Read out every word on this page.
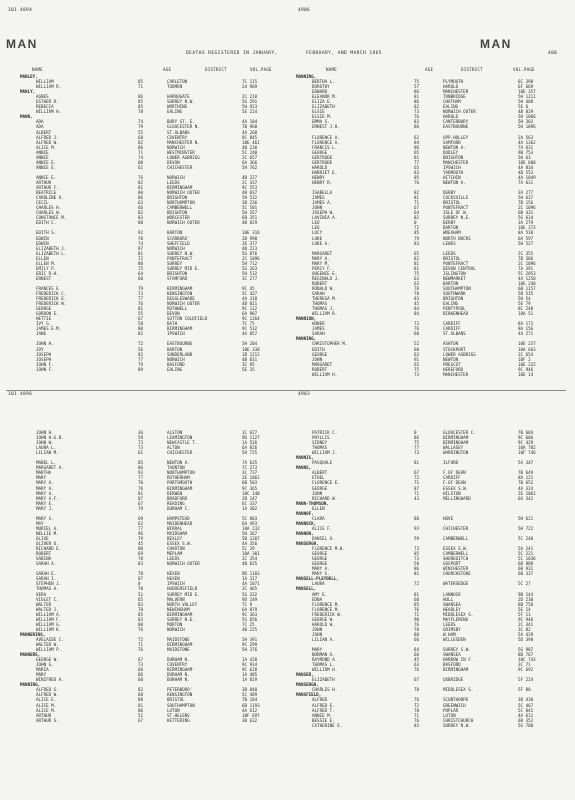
101 4894	4906
MAN	MAN
400
DEATHS REGISTERED IN JANUARY,	FEBRUARY, AND MARCH 1965
NAME	AGE	DISTRICT	VOL.PAGE	NAME	AGE	DISTRICT	VOL.PAGE
101 4896	4903
MANLEY,
WILLIAM	85	CARLETON	7C 115
WILLIAM R.	71	TODMEN	2d 969
MANLY,
AGNES	86	HARROGATE	2C 218
ESTHER R.	85	SURREY N.W.	5G 291
REBECCA	85	WORTHING	5H 923
WILLIAM H.	78	EALING	5E 224
MANN,
ADA	74	BURY ST. E.	4A 104
ADA	79	GLOUCESTER N.	7B 968
ALBERT	55	ST.ALBANS	4A 268
ALFRED J.	68	COVENTRY	9C 845
ALFRED W.	82	MANCHESTER N.	10E 461
ALICE M.	86	NORWICH	4B 230
ANNIE	71	WESTMINSTER	5C 240
ANNIE	74	LOWER AGBRIGG	2C 657
ANNIE E.	88	DEVON	6A 366
ANNIE E.	61	CHICHESTER	5H 762
ANNIE E.	76	NORWICH	4B 227
ARTHUR	82	LEEDS	2C 437
ARTHUR F.	81	BIRMINGHAM	9C 553
BEATRICE	80	NORWICH OUTER	4B 837
CAROLINE A.	86	BRIGHTON	5H 532
CECIL	63	NORTHAMPTON	3B 236
CHARLES H.	66	CAMBERWELL	5C 501
CHARLES W.	82	BRIGHTON	5H 357
CONSTANCE M.	83	WORCESTER	6B 351
EDITH C.	80	NORWICH OUTER	4B 829
EDITH S.	92	BARTON	10E 316
EDWIN	78	SCARBORO'	2B 990
EDWIN	74	SHEFFIELD	2E 377
ELIZABETH J.	87	NORWICH	4B 223
ELIZABETH L.	81	SURREY N.W.	5G 876
ELLEN	72	PONTEFRACT	2C 1096
ELLEN M.	80	SURREY	5H 712
EMILY P.	75	SURREY MID E.	5G 263
ERIC R.H.	64	BRIGHTON	5H 532
ERNEST	68	STAMFORD	3C 277
FRANCES E.	79	BIRMINGHAM	9C 45
FREDERICK C.	73	KENSINGTON	5C 427
FREDERICK E.	77	DEGGLESWADE	4A 310
FREDERICK W.	76	NORWICH OUTER	4B 821
GEORGE	81	ROTHWELL	9C 112
GORDON E.	55	DEVON	6A 907
HETTIE	67	SUTTON COLDFIELD	9C 1264
IVY G.	58	BATH	7C 75
JAMES E.M.	80	BIRMINGHAM	9C 532
JANE	82	IPSWICH	4A 857
JOHN H.	72	EASTBOURNE	5H 204
JOY	56	BARTON	10E 330
JOSEPH	82	SUNDERLAND	1B 1212
JOSEPH	77	NORWICH	4B 831
JOHN F.	79	BASFORD	3C 95
JOHN F.	89	EALING	5E 35
MANNING,
BERTHA L.	75	PLYMOUTH	6C 398
DOROTHY	57	HAROLD	6F 669
EDWARD	86	MANCHESTER	10E 357
ELEANOR M.	81	TONBRIDGE	5H 1211
ELIZA E.	86	CHATHAM	5H 408
ELIZABETH	82	EALING	5E 6
ELSIE	73	NORWICH OUTER	4B 829
ELSIE M.	76	HAROLD	5H 1066
EMMA S.	83	CANTERBURY	5H 303
ERNEST J.H.	86	EASTBOURNE	5H 1096
FLORENCE A.	62	UPP.HOLLEY	2A 563
FLORENCE A.	84	SAMFORD	4A 1362
FRANCIS L.	86	NEWTON A.	7A 631
GEORGE	65	DUDLEY	9B 753
GERTRUDE	81	BRIGHTON	5H 63
GERTRUDE	77	MANCHESTER	10E 608
HAROLD	65	IPSWICH	4A 834
HARRIET E.	83	YARMOUTH	4B 553
HENRY	85	HITCHIN	4A 1049
HENRY R.	76	NEWTON A.	7A 631
ISABELLA	82	DERBY	3A 277
JAMES	81	COCKSVILLE	5H 637
JAMES A.	71	BRISTOL	7B 156
JOHN	67	PONTEFRACT	2C 1096
JOSEPH W.	64	ISLE OF W.	6B 431
LAVINIA A.	82	SURREY N.E.	5G 634
LEO	0	DERBY	3A 279
LEO	72	BARTON	10E 373
LUCY	85	WREXHAM	8A 510
LUKE	79	NORTH BUCKS	6A 597
LUKE A.	83	LEWES	5H 527
MARGARET	65	LEEDS	2C 355
MARY A.	82	BRISTOL	7B 386
MARY M.	81	PONTEFRACT	2C 1096
PERCY F.	81	DEVON CENTRAL	7A 391
QUEENIE E.	75	ISLINGTON	5C 2053
REGINALD J.	63	NEWMARKET	4A 1250
ROBERT	63	BARTON	10E 240
RONALD W.	78	SOUTHAMPTON	6B 1157
SARAH	78	SOUTHWARK	5B 535
THERESA M.	83	BRIGHTON	5H 54
THOMAS	45	EALING	5E 79
THOMAS J.	84	PENTYPOOL	8C 240
WILLIAM R.	84	BIRKENHEAD	10A 51
MANNION,
HONER	73	CARDIFF	8A 172
JAMES	76	CARDIFF	8A 156
SARAH	60	ST.ALBANS	4A 271
MANNING,
CHRISTOPHER M.	52	ASHTON	10E 237
EDITH	60	STOCKPORT	10A 663
GEORGE	63	LOWER AGBRIGG	2C 654
JOHN	91	NEWTON	10F 2
MARGARET	65	PRESCOT	10E 222
ROBERT	75	HEREFORD	9C 946
WILLIAM H.	73	MANCHESTER	10E 14
JOHN H.	36	ALSTON	1C 627
JOHN H.G.B.	59	LEAMINGTON	9D 1127
JOHN W.	73	NEWCASTLE T.	1A 526
LAURA L.	73	ALTON	6A 826
LILIAN M.	61	CHICHESTER	5H 725
MABEL L.	85	NEWTON A.	7A 635
MARGARET A.	86	TAUNTON	7C 273
MARTHA	93	NORTHAMPTON	3C 737
MARY	77	ROTHERHAM	2E 1061
MARY A.	70	PORTSMOUTH	6B 503
MARY A.	76	BIRMINGHAM	9C 365
MARY A.	81	DERWEN	10C 148
MARY A.F.	87	BRADFORD	2B 147
MARY E.	67	READING	6C 337
MARY J.	79	DURHAM C.	1A 302
MARY S.	69	HAMPSTEAD	5C 803
MAY	62	MAIDENHEAD	6A 493
MURIEL A.	77	WIRRAL	10A 232
NELLIE M.	96	MAIDSHAM	5H 367
OLIVE	79	BEXLEY	5B 1207
OLIVER O.	45	ESSEX S.W.	4A 356
RICHARD E.	80	CHARTON	5C 29
ROBERT	69	MEPLAM	10A 301
SABINA	78	LEEDS	2C 354
SARAH A.	83	NORWICH OUTER	4B 835
SARAH E.	78	HEXEN	9D 1103
SARAH I.	87	HEXEN	1A 317
STEPHEN J.	0	IPSWICH	4A 1071
THOMAS A.	70	HUDDERSFIELD	2C 465
VERA	51	SURREY MID E.	5G 332
VIOLET C.	65	MALVERN	9D 249
WALTER	83	NORTH VALLEY	7C 9
WALTER J.	70	NEWINGHAM	6A 879
WILLIAM A.	85	BIRMINGHAM	9C 363
WILLIAM F.	83	SURREY N.E.	5G 656
WILLIAM G.	80	MORTON	7C 25
WILLIAM K.	76	NORWICH	4B 225
MANNERING,
AVELAIDE C.	72	MAIDSTONE	5H 391
WALTER W.	71	BIRMINGHAM	9C 299
WILLIAM P.	76	MAIDSTONE	5H 376
MANNERS,
GEORGE W.	67	DURHAM N.	1A 420
JOHN G.	73	COVENTRY	9C 934
MARIA	66	BIRMINGHAM	9C 628
MARY	86	DURHAM N.	1A 405
WINIFRED A.	60	DURHAM N.	1A 819
MANNING,
ALFRED G.	82	PETERBORO'	3B 840
ALFRED W.	68	KENSINGTON	5C 489
ALICE E.	88	BRISTOL	7B 184
ALICE M.	81	SOUTHAMPTON	6B 1193
ALICE M.	86	LUTON	4A 612
ARTHUR	51	ST.HELENS	10F 697
ARTHUR S.	67	KETTERING	3B 632
PATRICK C.	0	GLOUCESTER C.	7B 684
PHYLLIS	86	BIRMINGHAM	9C 606
SIDNEY	75	BIRMINGHAM	9C 429
THOMAS	77	WALLASEY	10A 782
WILLIAM J.	73	WARRINGTON	10F 746
MANNIS,
PASQUALE	81	ILFORD	5A 347
MANNS,
ALBERT	67	F.OF DEAN	7B 649
ETHEL	72	CARDIFF	8A 121
FLORENCE E.	71	F.OF DEAN	7B 652
GEORGE	87	ESSEX S.W.	4A 324
JOHN	71	HILSTON	2E 1061
RICHARD W.	43	MELLINGHARD	6A 342
MANN-THOMSON,
ELLEN
MANNOF,
CLARA	88	HOVE	5H 621
MANNOCK,
ALICE F.	93	CHICHESTER	5H 722
MANNON,
DANIEL A.	59	CAMBERWELL	5C 240
MANSERGH,
FLORENCE M.H.	73	ESSEX S.W.	5A 241
GEORGE	85	CAMBERWELL	5C 221
GEORGE	73	SHOREDITCH	5C 1036
GEORGE	58	GOSPORT	6B 888
MARY A.	86	WINCHESTER	6B 931
MARY S.	81	CHURCHSTOKE	6B 337
MANSELL-PLEYDELL,
LAURA	72	WATERSEDGE	5C 27
MANSELL,
AMY E.	81	LANNOCK	9B 144
EDNA	60	HULL	2D 230
FLORENCE M.	85	SWANSEA	8B 758
FLORENCE M.	76	HEADLEY	5E 14
FREDERICK W.	71	MIDDLESEX S.	5F 13
GEORGE W.	90	MAYFLEMING	9C 946
HAROLD W.	76	LEEDS	2C 341
JOHN	70	GRIMSBY	3C 82
JOHN	80	W.HAM	5A 439
LILIAN A.	66	WILLESDEN	5D 398
MARY	84	SURREY S.W.	5G 987
NORMAN A.	66	SWANSEA	8B 767
RAYMOND A.	45	HARROW IN F.	10C 743
THOMAS L.	63	BASFORD	3C 71
WILLIAM H.	76	BIRMINGHAM	9C 692
MANSER,
ELIZABETH	67	UXBRIDGE	5F 224
MANSERGH,
CHARLES H.	78	MIDDLESEX S.	5F 80
MANSFIELD,
ALFRED	76	SCUNTHORPE	3B 430
ALFRED E.	72	GREENWICH	5C 467
ALFRED T.	78	POPLAR	5C 841
ANNIE M.	71	LUTON	4A 611
BESSIE E.	76	CHRISTCHURCH	6B 352
CATHERINE E.	83	SURREY N.W.	5G 780
